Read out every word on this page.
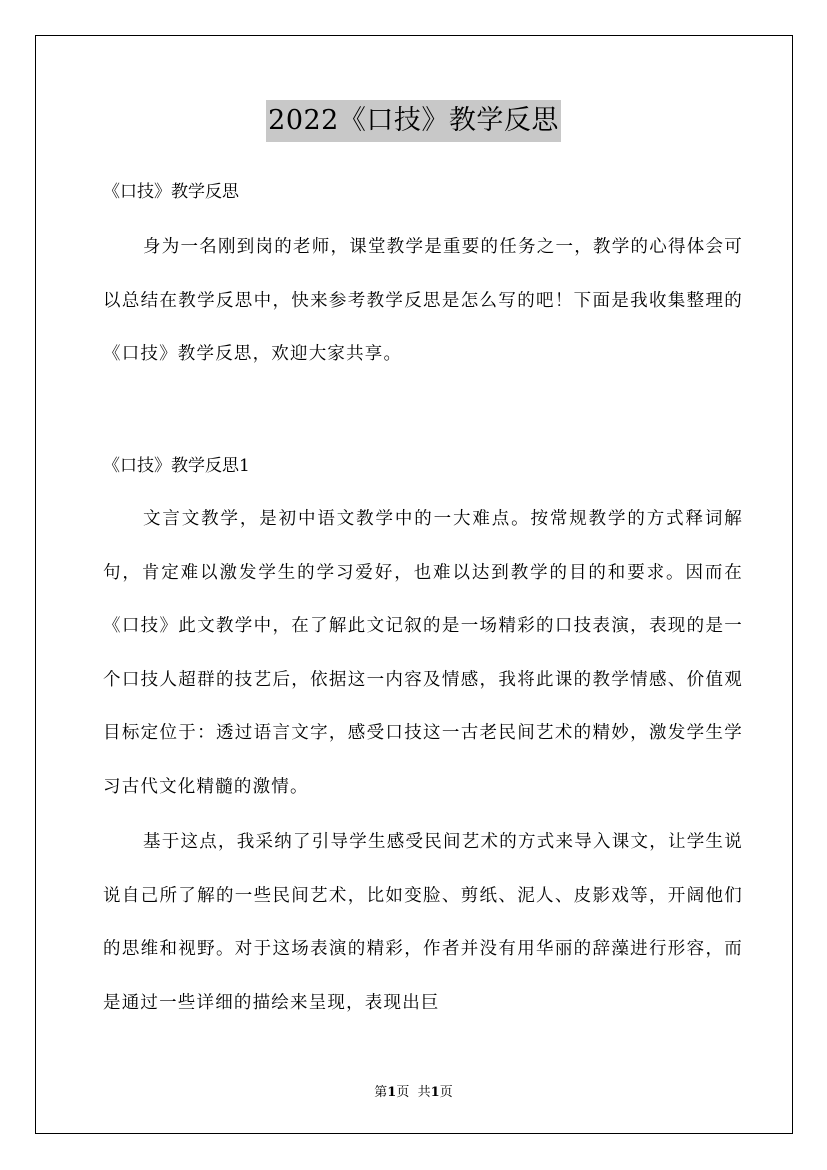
2022《口技》教学反思
《口技》教学反思

身为一名刚到岗的老师，课堂教学是重要的任务之一，教学的心得体会可以总结在教学反思中，快来参考教学反思是怎么写的吧！下面是我收集整理的《口技》教学反思，欢迎大家共享。

《口技》教学反思1

文言文教学，是初中语文教学中的一大难点。按常规教学的方式释词解句，肯定难以激发学生的学习爱好，也难以达到教学的目的和要求。因而在《口技》此文教学中，在了解此文记叙的是一场精彩的口技表演，表现的是一个口技人超群的技艺后，依据这一内容及情感，我将此课的教学情感、价值观目标定位于：透过语言文字，感受口技这一古老民间艺术的精妙，激发学生学习古代文化精髓的激情。

基于这点，我采纳了引导学生感受民间艺术的方式来导入课文，让学生说说自己所了解的一些民间艺术，比如变脸、剪纸、泥人、皮影戏等，开阔他们的思维和视野。对于这场表演的精彩，作者并没有用华丽的辞藻进行形容，而是通过一些详细的描绘来呈现，表现出巨

第1页 共1页
